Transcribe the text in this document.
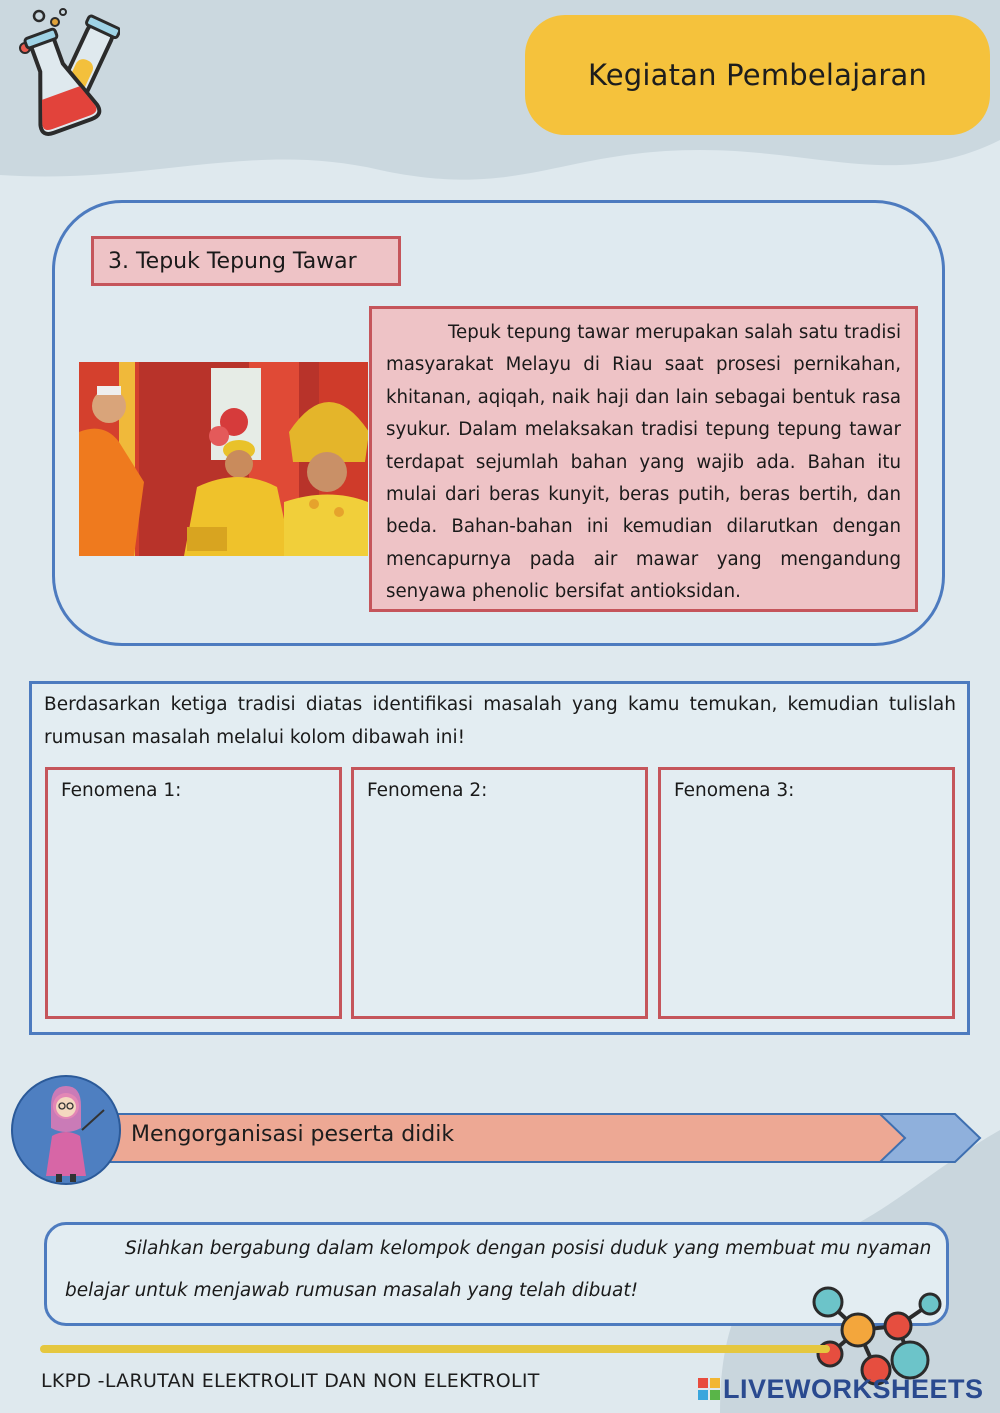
Kegiatan Pembelajaran
3. Tepuk Tepung Tawar

Tepuk tepung tawar merupakan salah satu tradisi masyarakat Melayu di Riau saat prosesi pernikahan, khitanan, aqiqah, naik haji dan lain sebagai bentuk rasa syukur. Dalam melaksakan tradisi tepung tepung tawar terdapat sejumlah bahan yang wajib ada. Bahan itu mulai dari beras kunyit, beras putih, beras bertih, dan beda. Bahan-bahan ini kemudian dilarutkan dengan mencapurnya pada air mawar yang mengandung senyawa phenolic bersifat antioksidan.

Berdasarkan ketiga tradisi diatas identifikasi masalah yang kamu temukan, kemudian tulislah rumusan masalah melalui kolom dibawah ini!
Fenomena 1:	Fenomena 2:	Fenomena 3:
Mengorganisasi peserta didik
Silahkan bergabung dalam kelompok dengan posisi duduk yang membuat mu nyaman
belajar untuk menjawab rumusan masalah yang telah dibuat!
LKPD -LARUTAN ELEKTROLIT DAN NON ELEKTROLIT	LIVEWORKSHEETS
